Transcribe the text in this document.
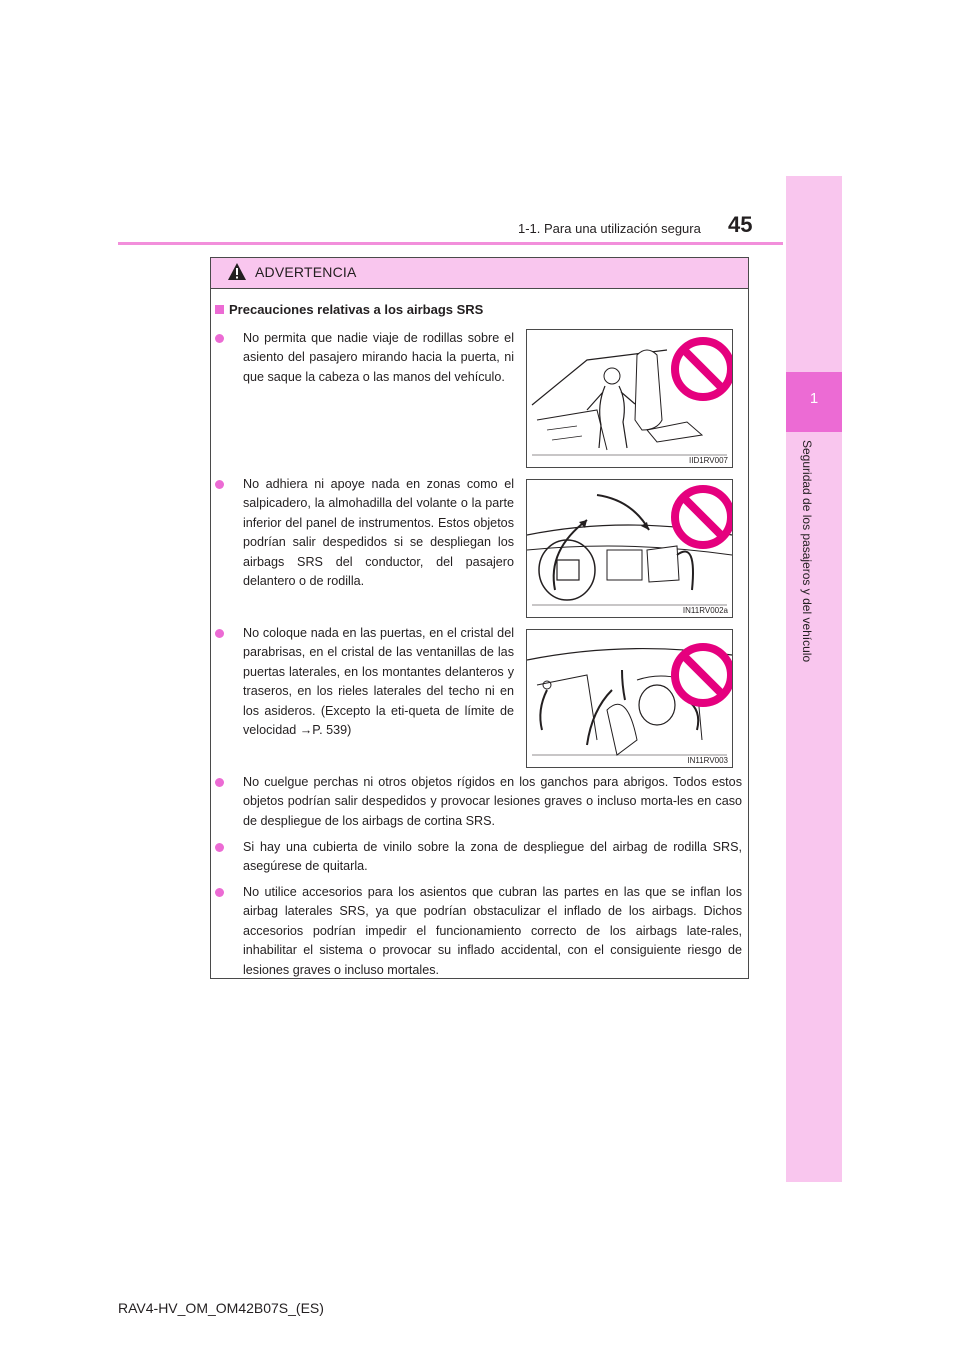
1
Seguridad de los pasajeros y del vehículo
1-1. Para una utilización segura 45
ADVERTENCIA
Precauciones relativas a los airbags SRS
No permita que nadie viaje de rodillas sobre el asiento del pasajero mirando hacia la puerta, ni que saque la cabeza o las manos del vehículo.
IID1RV007
No adhiera ni apoye nada en zonas como el salpicadero, la almohadilla del volante o la parte inferior del panel de instrumentos. Estos objetos podrían salir despedidos si se despliegan los airbags SRS del conductor, del pasajero delantero o de rodilla.
IN11RV002a
No coloque nada en las puertas, en el cristal del parabrisas, en el cristal de las ventanillas de las puertas laterales, en los montantes delanteros y traseros, en los rieles laterales del techo ni en los asideros. (Excepto la eti-queta de límite de velocidad →P. 539)
IN11RV003
No cuelgue perchas ni otros objetos rígidos en los ganchos para abrigos. Todos estos objetos podrían salir despedidos y provocar lesiones graves o incluso morta-les en caso de despliegue de los airbags de cortina SRS.
Si hay una cubierta de vinilo sobre la zona de despliegue del airbag de rodilla SRS, asegúrese de quitarla.
No utilice accesorios para los asientos que cubran las partes en las que se inflan los airbag laterales SRS, ya que podrían obstaculizar el inflado de los airbags. Dichos accesorios podrían impedir el funcionamiento correcto de los airbags late-rales, inhabilitar el sistema o provocar su inflado accidental, con el consiguiente riesgo de lesiones graves o incluso mortales.
RAV4-HV_OM_OM42B07S_(ES)
